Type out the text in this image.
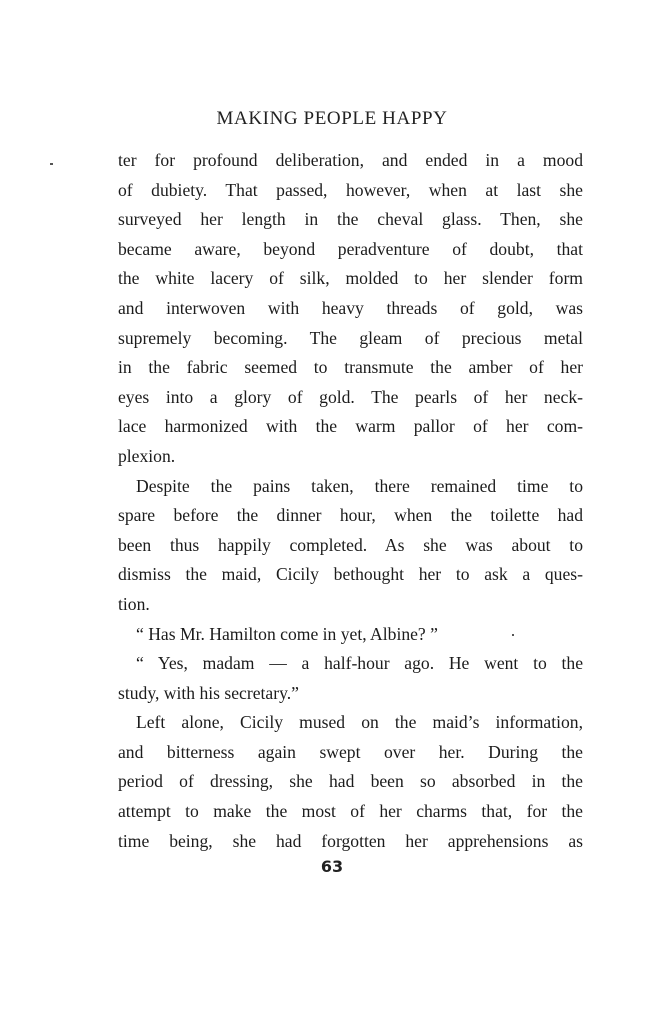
MAKING PEOPLE HAPPY
ter for profound deliberation, and ended in a mood
of dubiety. That passed, however, when at last she
surveyed her length in the cheval glass. Then, she
became aware, beyond peradventure of doubt, that
the white lacery of silk, molded to her slender form
and interwoven with heavy threads of gold, was
supremely becoming. The gleam of precious metal
in the fabric seemed to transmute the amber of her
eyes into a glory of gold. The pearls of her neck-
lace harmonized with the warm pallor of her com-
plexion.
Despite the pains taken, there remained time to
spare before the dinner hour, when the toilette had
been thus happily completed. As she was about to
dismiss the maid, Cicily bethought her to ask a ques-
tion.
“ Has Mr. Hamilton come in yet, Albine? ”
“ Yes, madam — a half-hour ago. He went to the
study, with his secretary.”
Left alone, Cicily mused on the maid’s information,
and bitterness again swept over her. During the
period of dressing, she had been so absorbed in the
attempt to make the most of her charms that, for the
time being, she had forgotten her apprehensions as
63
